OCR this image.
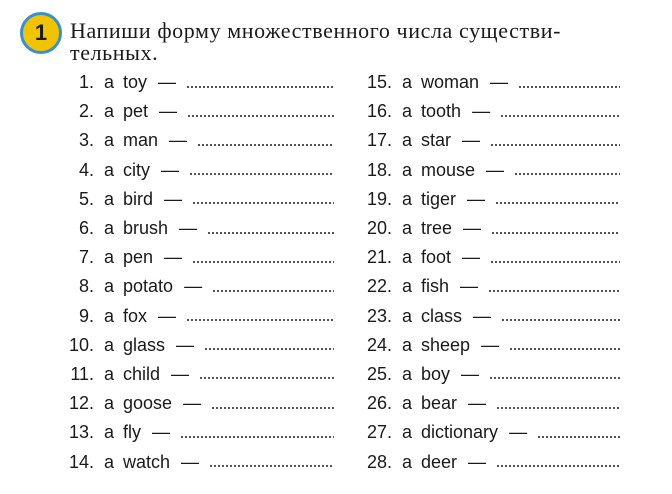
1 Напиши форму множественного числа существи-
тельных.
1. a toy —
2. a pet —
3. a man —
4. a city —
5. a bird —
6. a brush —
7. a pen —
8. a potato —
9. a fox —
10. a glass —
11. a child —
12. a goose —
13. a fly —
14. a watch —
15. a woman —
16. a tooth —
17. a star —
18. a mouse —
19. a tiger —
20. a tree —
21. a foot —
22. a fish —
23. a class —
24. a sheep —
25. a boy —
26. a bear —
27. a dictionary —
28. a deer —
